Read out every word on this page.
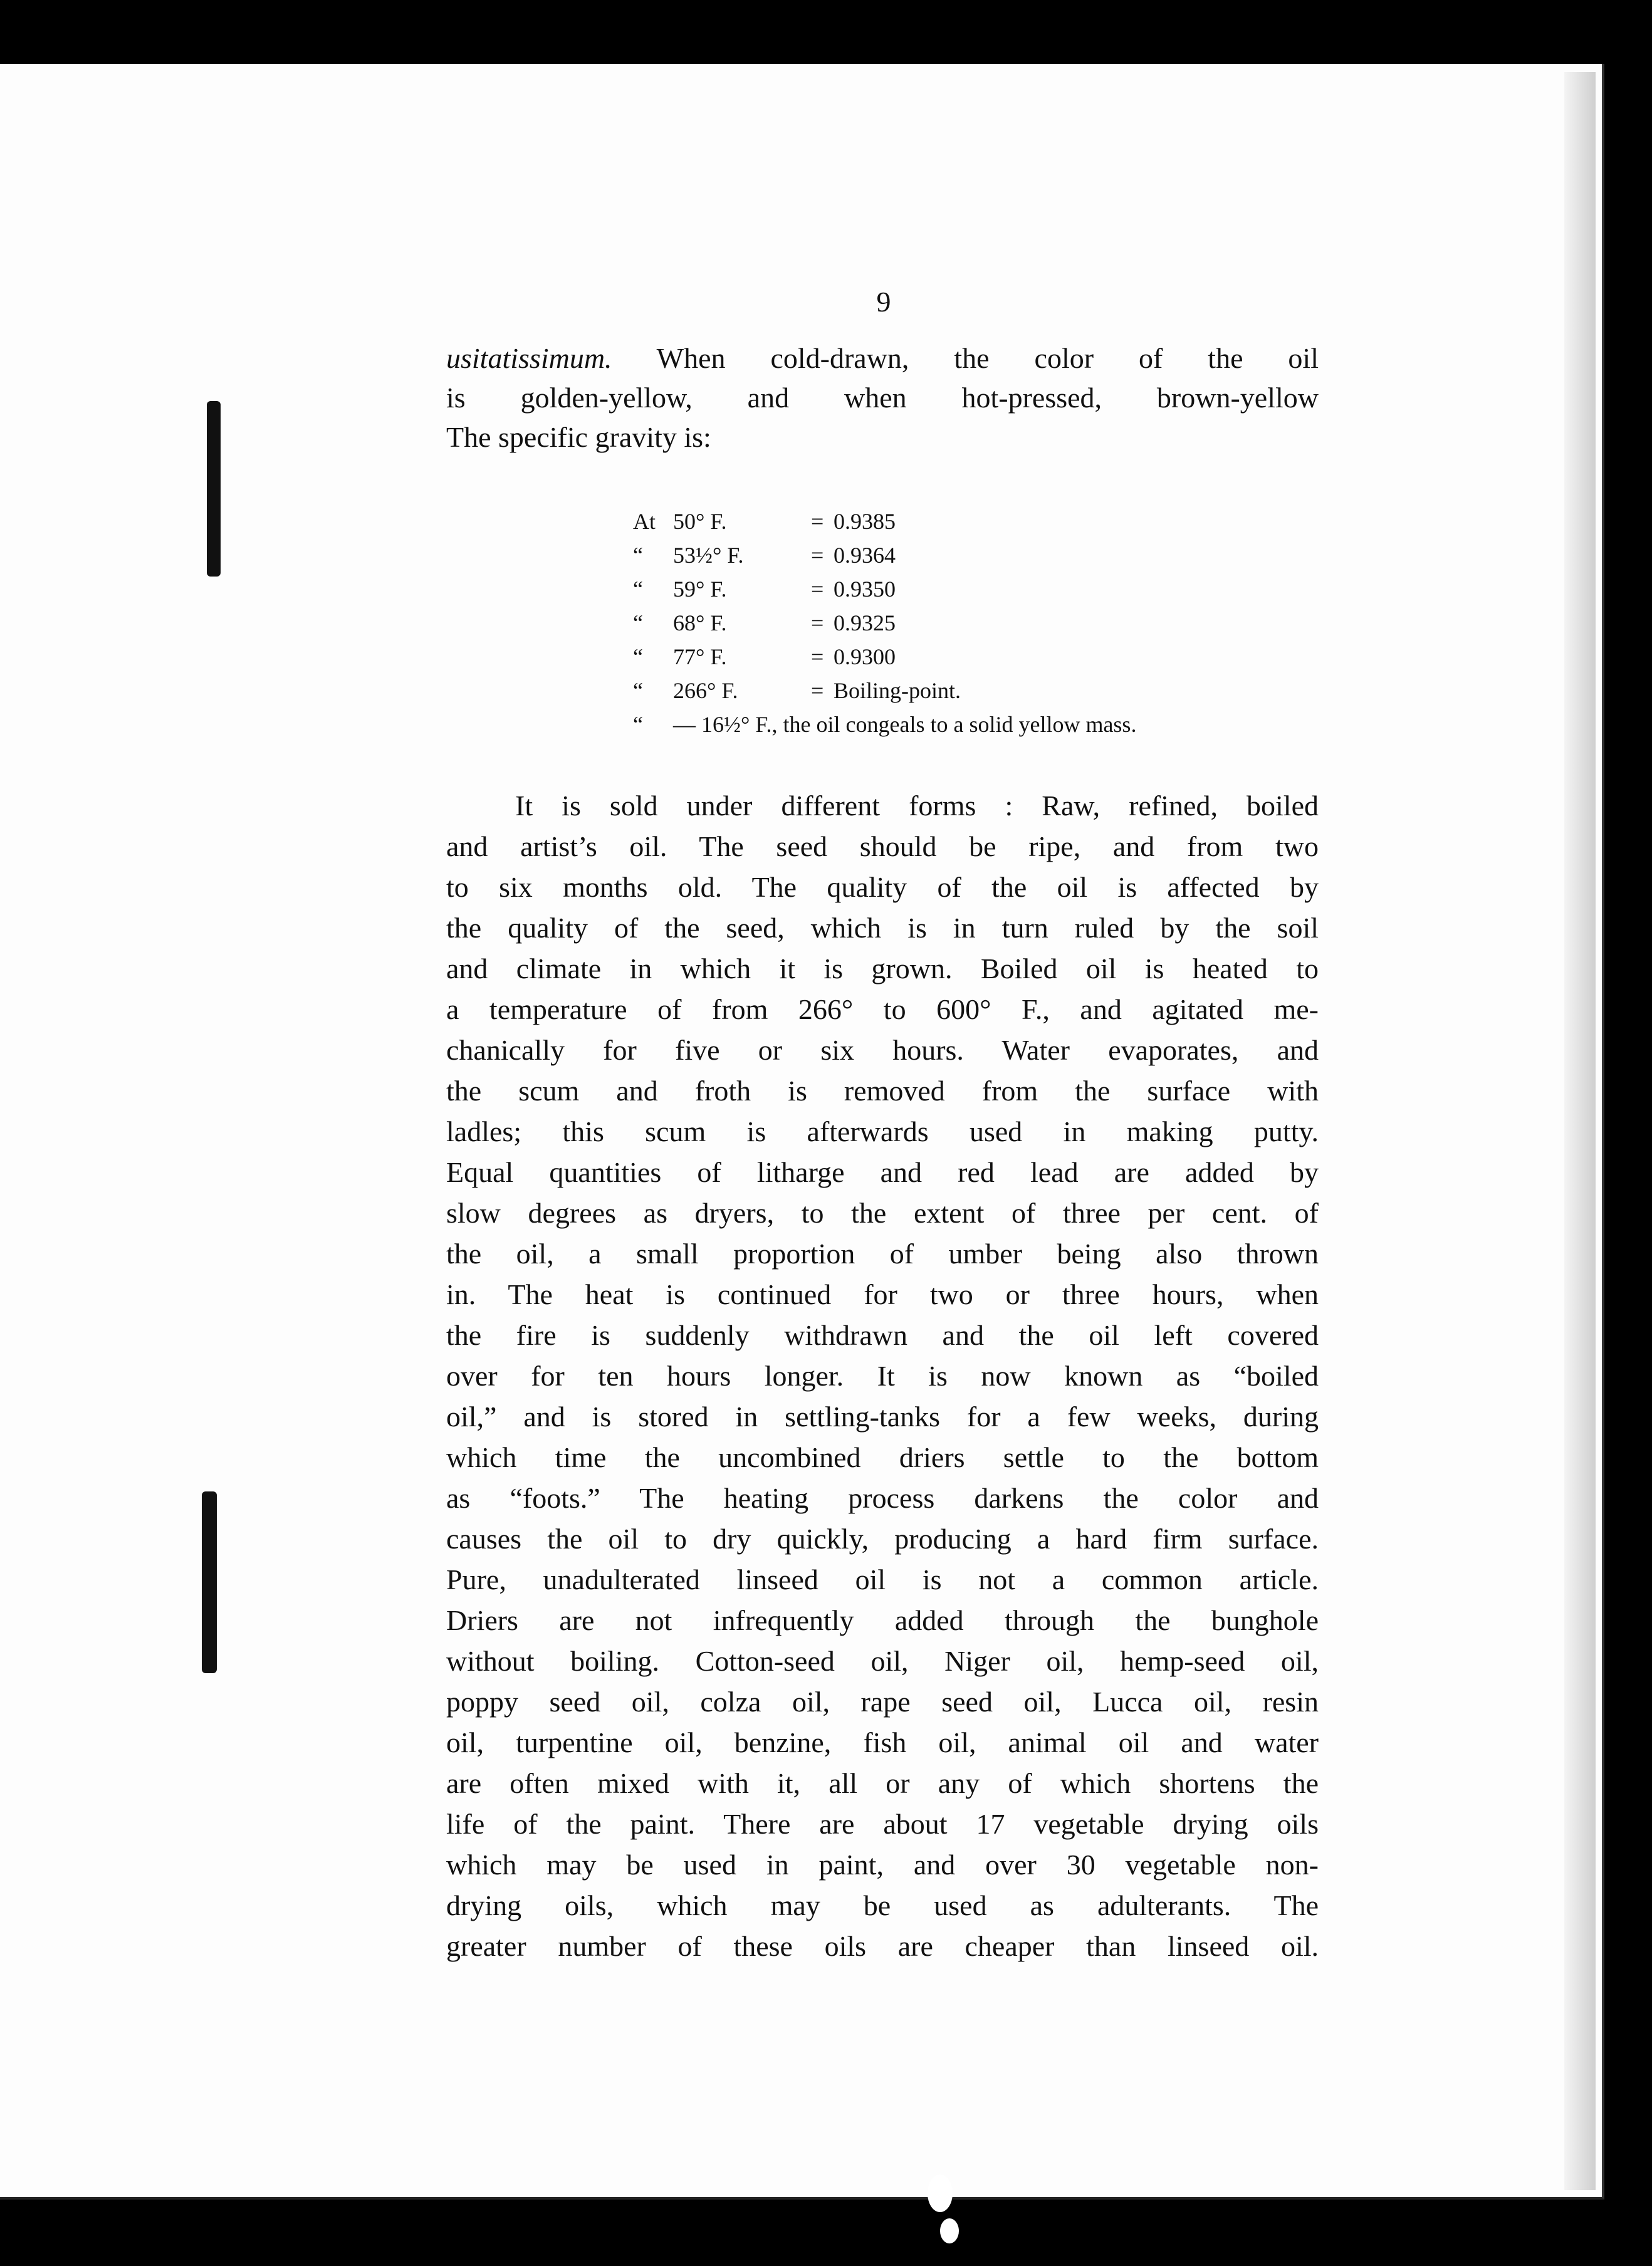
9
usitatissimum. When cold-drawn, the color of the oil
is golden-yellow, and when hot-pressed, brown-yellow
The specific gravity is:
At 50° F.	= 0.9385
“	53½° F.	= 0.9364
“	59° F.	= 0.9350
“	68° F.	= 0.9325
“	77° F.	= 0.9300
“	266° F.	= Boiling-point.
“	— 16½° F., the oil congeals to a solid yellow mass.
It is sold under different forms : Raw, refined, boiled
and artist’s oil. The seed should be ripe, and from two
to six months old. The quality of the oil is affected by
the quality of the seed, which is in turn ruled by the soil
and climate in which it is grown. Boiled oil is heated to
a temperature of from 266° to 600° F., and agitated me-
chanically for five or six hours. Water evaporates, and
the scum and froth is removed from the surface with
ladles; this scum is afterwards used in making putty.
Equal quantities of litharge and red lead are added by
slow degrees as dryers, to the extent of three per cent. of
the oil, a small proportion of umber being also thrown
in. The heat is continued for two or three hours, when
the fire is suddenly withdrawn and the oil left covered
over for ten hours longer. It is now known as “boiled
oil,” and is stored in settling-tanks for a few weeks, during
which time the uncombined driers settle to the bottom
as “foots.” The heating process darkens the color and
causes the oil to dry quickly, producing a hard firm surface.
Pure, unadulterated linseed oil is not a common article.
Driers are not infrequently added through the bunghole
without boiling. Cotton-seed oil, Niger oil, hemp-seed oil,
poppy seed oil, colza oil, rape seed oil, Lucca oil, resin
oil, turpentine oil, benzine, fish oil, animal oil and water
are often mixed with it, all or any of which shortens the
life of the paint. There are about 17 vegetable drying oils
which may be used in paint, and over 30 vegetable non-
drying oils, which may be used as adulterants. The
greater number of these oils are cheaper than linseed oil.
